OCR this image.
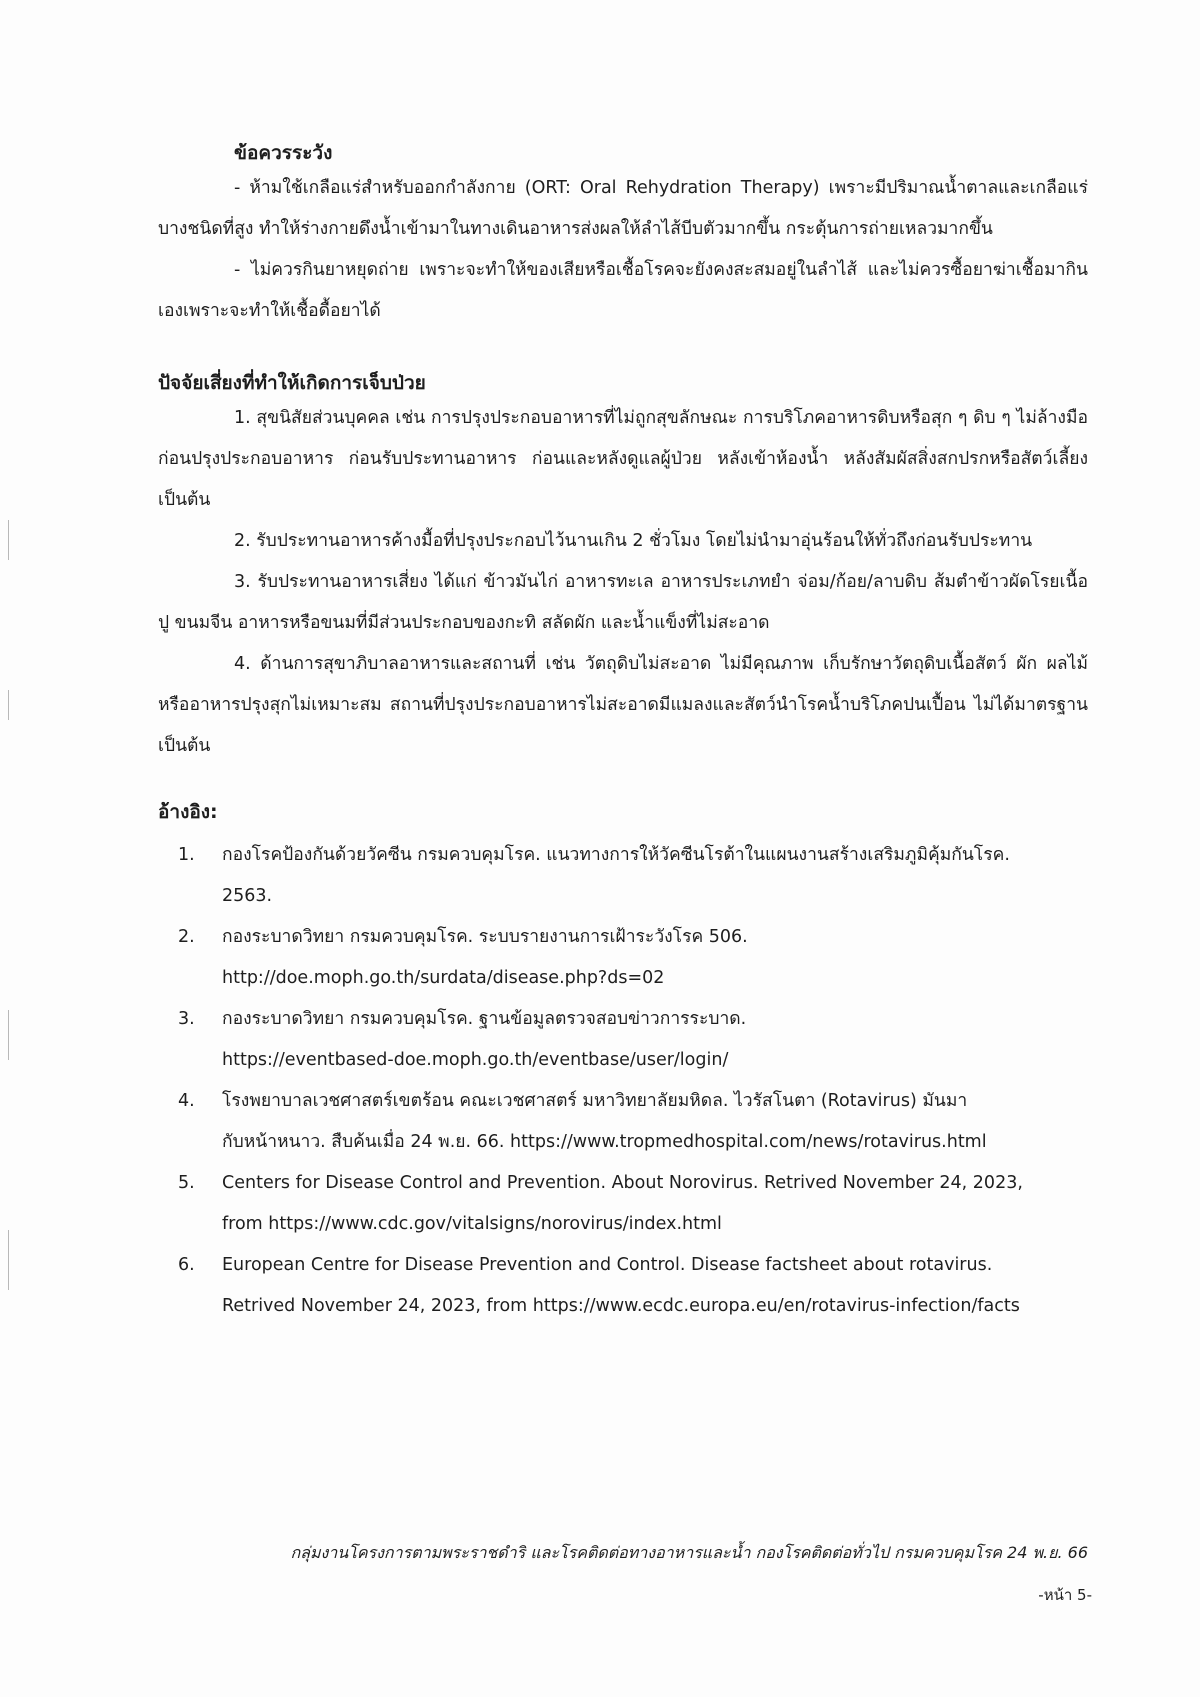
ข้อควรระวัง

- ห้ามใช้เกลือแร่สำหรับออกกำลังกาย (ORT: Oral Rehydration Therapy) เพราะมีปริมาณน้ำตาลและเกลือแร่บางชนิดที่สูง ทำให้ร่างกายดึงน้ำเข้ามาในทางเดินอาหารส่งผลให้ลำไส้บีบตัวมากขึ้น กระตุ้นการถ่ายเหลวมากขึ้น

- ไม่ควรกินยาหยุดถ่าย เพราะจะทำให้ของเสียหรือเชื้อโรคจะยังคงสะสมอยู่ในลำไส้ และไม่ควรซื้อยาฆ่าเชื้อมากินเองเพราะจะทำให้เชื้อดื้อยาได้

ปัจจัยเสี่ยงที่ทำให้เกิดการเจ็บป่วย

1. สุขนิสัยส่วนบุคคล เช่น การปรุงประกอบอาหารที่ไม่ถูกสุขลักษณะ การบริโภคอาหารดิบหรือสุก ๆ ดิบ ๆ ไม่ล้างมือก่อนปรุงประกอบอาหาร ก่อนรับประทานอาหาร ก่อนและหลังดูแลผู้ป่วย หลังเข้าห้องน้ำ หลังสัมผัสสิ่งสกปรกหรือสัตว์เลี้ยง เป็นต้น

2. รับประทานอาหารค้างมื้อที่ปรุงประกอบไว้นานเกิน 2 ชั่วโมง โดยไม่นำมาอุ่นร้อนให้ทั่วถึงก่อนรับประทาน

3. รับประทานอาหารเสี่ยง ได้แก่ ข้าวมันไก่ อาหารทะเล อาหารประเภทยำ จ่อม/ก้อย/ลาบดิบ ส้มตำข้าวผัดโรยเนื้อปู ขนมจีน อาหารหรือขนมที่มีส่วนประกอบของกะทิ สลัดผัก และน้ำแข็งที่ไม่สะอาด

4. ด้านการสุขาภิบาลอาหารและสถานที่ เช่น วัตถุดิบไม่สะอาด ไม่มีคุณภาพ เก็บรักษาวัตถุดิบเนื้อสัตว์ ผัก ผลไม้หรืออาหารปรุงสุกไม่เหมาะสม สถานที่ปรุงประกอบอาหารไม่สะอาดมีแมลงและสัตว์นำโรคน้ำบริโภคปนเปื้อน ไม่ได้มาตรฐาน เป็นต้น

อ้างอิง:
1.	กองโรคป้องกันด้วยวัคซีน กรมควบคุมโรค. แนวทางการให้วัคซีนโรต้าในแผนงานสร้างเสริมภูมิคุ้มกันโรค.
2563.
2.	กองระบาดวิทยา กรมควบคุมโรค. ระบบรายงานการเฝ้าระวังโรค 506.
http://doe.moph.go.th/surdata/disease.php?ds=02
3.	กองระบาดวิทยา กรมควบคุมโรค. ฐานข้อมูลตรวจสอบข่าวการระบาด.
https://eventbased-doe.moph.go.th/eventbase/user/login/
4.	โรงพยาบาลเวชศาสตร์เขตร้อน คณะเวชศาสตร์ มหาวิทยาลัยมหิดล. ไวรัสโนตา (Rotavirus) มันมา
กับหน้าหนาว. สืบค้นเมื่อ 24 พ.ย. 66. https://www.tropmedhospital.com/news/rotavirus.html
5.	Centers for Disease Control and Prevention. About Norovirus. Retrived November 24, 2023,
from https://www.cdc.gov/vitalsigns/norovirus/index.html
6.	European Centre for Disease Prevention and Control. Disease factsheet about rotavirus.
Retrived November 24, 2023, from https://www.ecdc.europa.eu/en/rotavirus-infection/facts
กลุ่มงานโครงการตามพระราชดำริ และโรคติดต่อทางอาหารและน้ำ กองโรคติดต่อทั่วไป กรมควบคุมโรค 24 พ.ย. 66
-หน้า 5-
